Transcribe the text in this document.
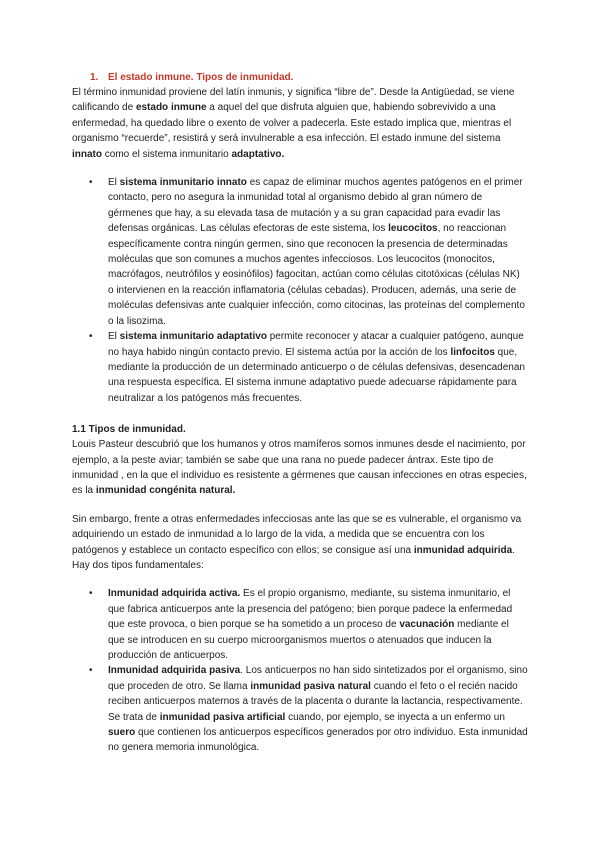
1. El estado inmune. Tipos de inmunidad.

El término inmunidad proviene del latín inmunis, y significa “libre de”. Desde la Antigüedad, se viene calificando de estado inmune a aquel del que disfruta alguien que, habiendo sobrevivido a una enfermedad, ha quedado libre o exento de volver a padecerla. Este estado implica que, mientras el organismo “recuerde”, resistirá y será invulnerable a esa infección. El estado inmune del sistema innato como el sistema inmunitario adaptativo.

• El sistema inmunitario innato es capaz de eliminar muchos agentes patógenos en el primer contacto, pero no asegura la inmunidad total al organismo debido al gran número de gérmenes que hay, a su elevada tasa de mutación y a su gran capacidad para evadir las defensas orgánicas. Las células efectoras de este sistema, los leucocitos, no reaccionan específicamente contra ningún germen, sino que reconocen la presencia de determinadas moléculas que son comunes a muchos agentes infecciosos. Los leucocitos (monocitos, macrófagos, neutrófilos y eosinófilos) fagocitan, actúan como células citotóxicas (células NK) o intervienen en la reacción inflamatoria (células cebadas). Producen, además, una serie de moléculas defensivas ante cualquier infección, como citocinas, las proteínas del complemento o la lisozima.
• El sistema inmunitario adaptativo permite reconocer y atacar a cualquier patógeno, aunque no haya habido ningún contacto previo. El sistema actúa por la acción de los linfocitos que, mediante la producción de un determinado anticuerpo o de células defensivas, desencadenan una respuesta específica. El sistema inmune adaptativo puede adecuarse rápidamente para neutralizar a los patógenos más frecuentes.
1.1 Tipos de inmunidad.

Louis Pasteur descubrió que los humanos y otros mamíferos somos inmunes desde el nacimiento, por ejemplo, a la peste aviar; también se sabe que una rana no puede padecer ántrax. Este tipo de inmunidad , en la que el individuo es resistente a gérmenes que causan infecciones en otras especies, es la inmunidad congénita natural.

Sin embargo, frente a otras enfermedades infecciosas ante las que se es vulnerable, el organismo va adquiriendo un estado de inmunidad a lo largo de la vida, a medida que se encuentra con los patógenos y establece un contacto específico con ellos; se consigue así una inmunidad adquirida. Hay dos tipos fundamentales:

• Inmunidad adquirida activa. Es el propio organismo, mediante, su sistema inmunitario, el que fabrica anticuerpos ante la presencia del patógeno; bien porque padece la enfermedad que este provoca, o bien porque se ha sometido a un proceso de vacunación mediante el que se introducen en su cuerpo microorganismos muertos o atenuados que inducen la producción de anticuerpos.
• Inmunidad adquirida pasiva. Los anticuerpos no han sido sintetizados por el organismo, sino que proceden de otro. Se llama inmunidad pasiva natural cuando el feto o el recién nacido reciben anticuerpos maternos a través de la placenta o durante la lactancia, respectivamente. Se trata de inmunidad pasiva artificial cuando, por ejemplo, se inyecta a un enfermo un suero que contienen los anticuerpos específicos generados por otro individuo. Esta inmunidad no genera memoria inmunológica.
